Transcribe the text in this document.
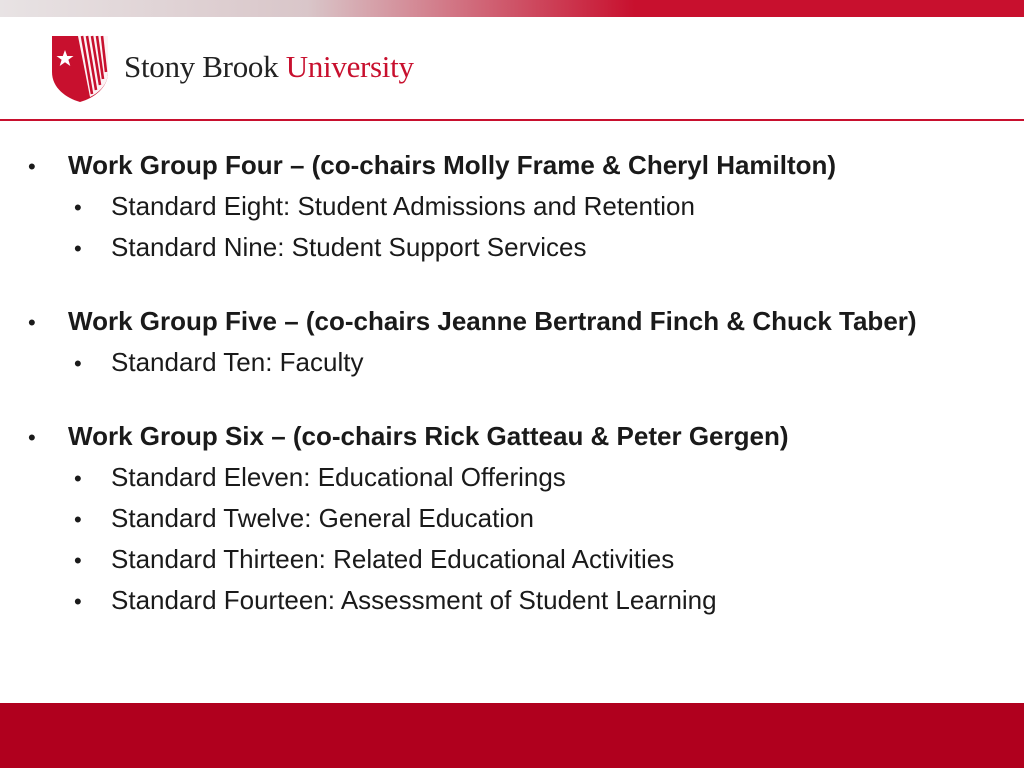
Stony Brook University
•	Work Group Four – (co-chairs Molly Frame & Cheryl Hamilton)
•	Standard Eight: Student Admissions and Retention
•	Standard Nine: Student Support Services
•	Work Group Five – (co-chairs Jeanne Bertrand Finch & Chuck Taber)
•	Standard Ten: Faculty
•	Work Group Six – (co-chairs Rick Gatteau & Peter Gergen)
•	Standard Eleven: Educational Offerings
•	Standard Twelve: General Education
•	Standard Thirteen: Related Educational Activities
•	Standard Fourteen: Assessment of Student Learning
